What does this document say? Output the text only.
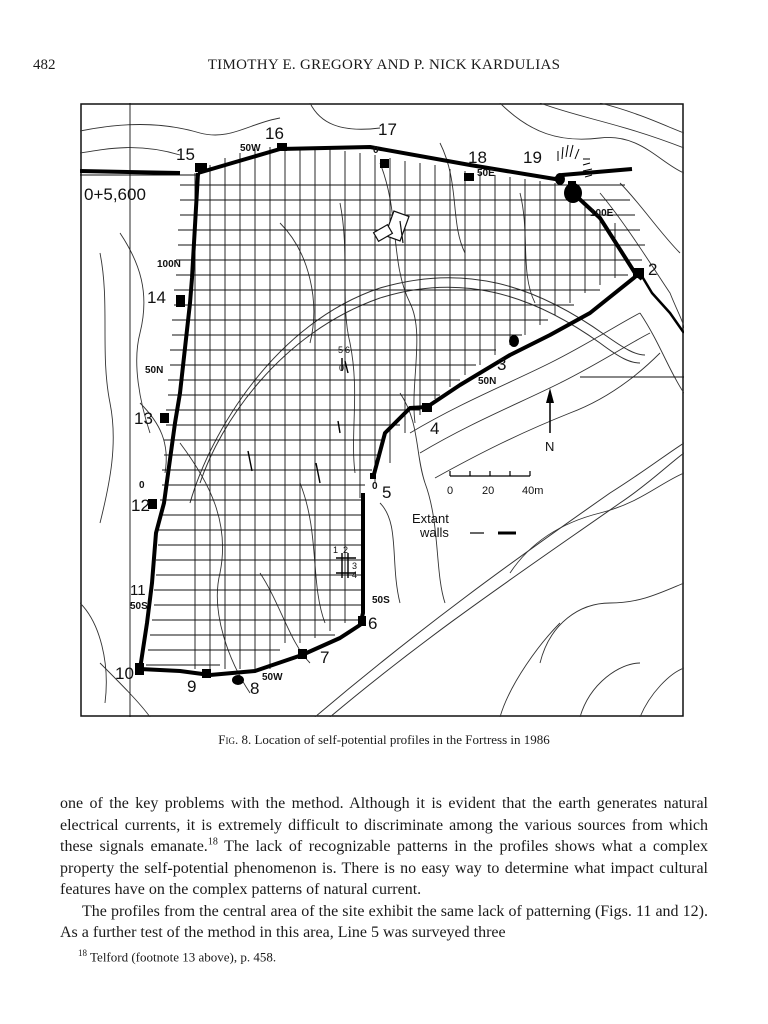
482	TIMOTHY E. GREGORY AND P. NICK KARDULIAS
N
0	20	40m
Extant
walls
0+5,600
2
3
4
5
6
7
8
9
10
11
12
13
14
15
16	17
18 19
50W	0
50E
100E
100N
50N
0
50S
50S
50W
50N
0
0
5 6
1 2
3
4
Fig. 8. Location of self-potential profiles in the Fortress in 1986

one of the key problems with the method. Although it is evident that the earth generates natural electrical currents, it is extremely difficult to discriminate among the various sources from which these signals emanate.$^{18}$ The lack of recognizable patterns in the profiles shows what a complex property the self-potential phenomenon is. There is no easy way to determine what impact cultural features have on the complex patterns of natural current.

The profiles from the central area of the site exhibit the same lack of patterning (Figs. 11 and 12). As a further test of the method in this area, Line 5 was surveyed three

$^{18}$ Telford (footnote 13 above), p. 458.
